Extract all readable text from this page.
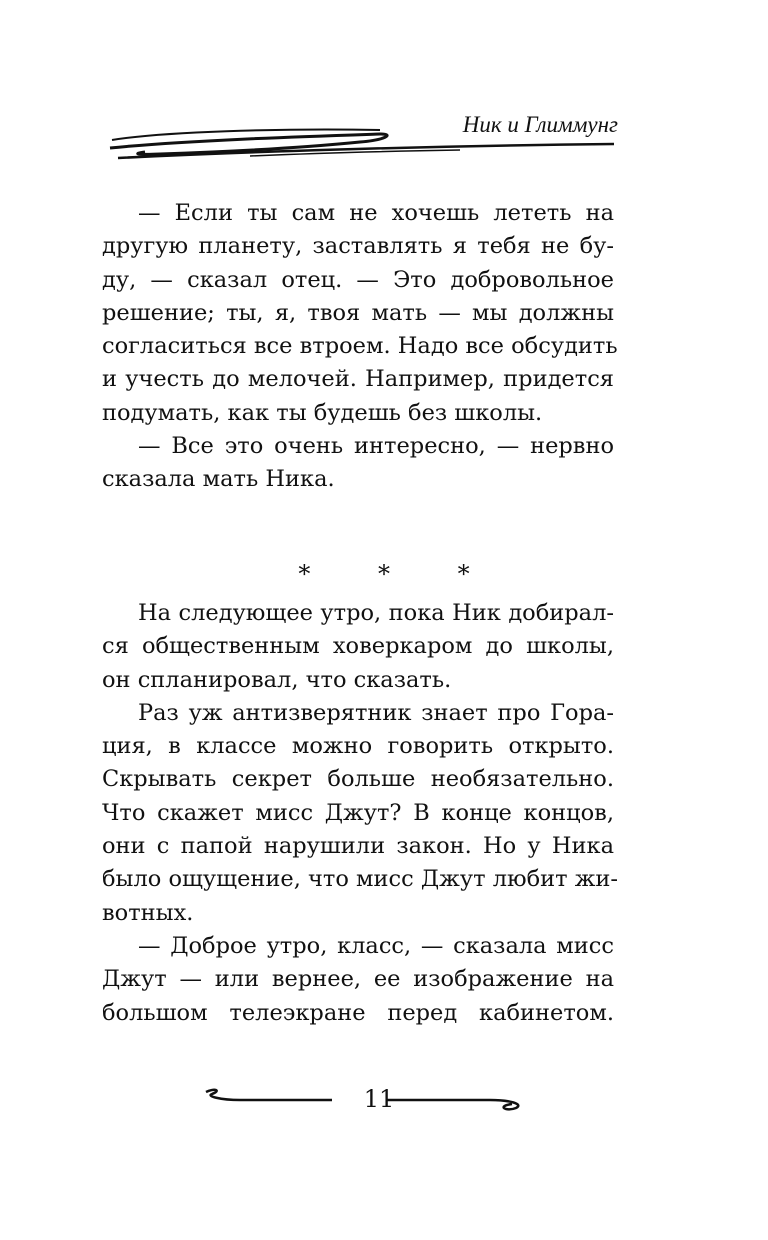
Ник и Глиммунг
— Если ты сам не хочешь лететь на
другую планету, заставлять я тебя не бу-
ду, — сказал отец. — Это добровольное
решение; ты, я, твоя мать — мы должны
согласиться все втроем. Надо все обсудить
и учесть до мелочей. Например, придется
подумать, как ты будешь без школы.
— Все это очень интересно, — нервно
сказала мать Ника.
* * *
На следующее утро, пока Ник добирал-
ся общественным ховеркаром до школы,
он спланировал, что сказать.
Раз уж антизверятник знает про Гора-
ция, в классе можно говорить открыто.
Скрывать секрет больше необязательно.
Что скажет мисс Джут? В конце концов,
они с папой нарушили закон. Но у Ника
было ощущение, что мисс Джут любит жи-
вотных.
— Доброе утро, класс, — сказала мисс
Джут — или вернее, ее изображение на
большом телеэкране перед кабинетом.
11
